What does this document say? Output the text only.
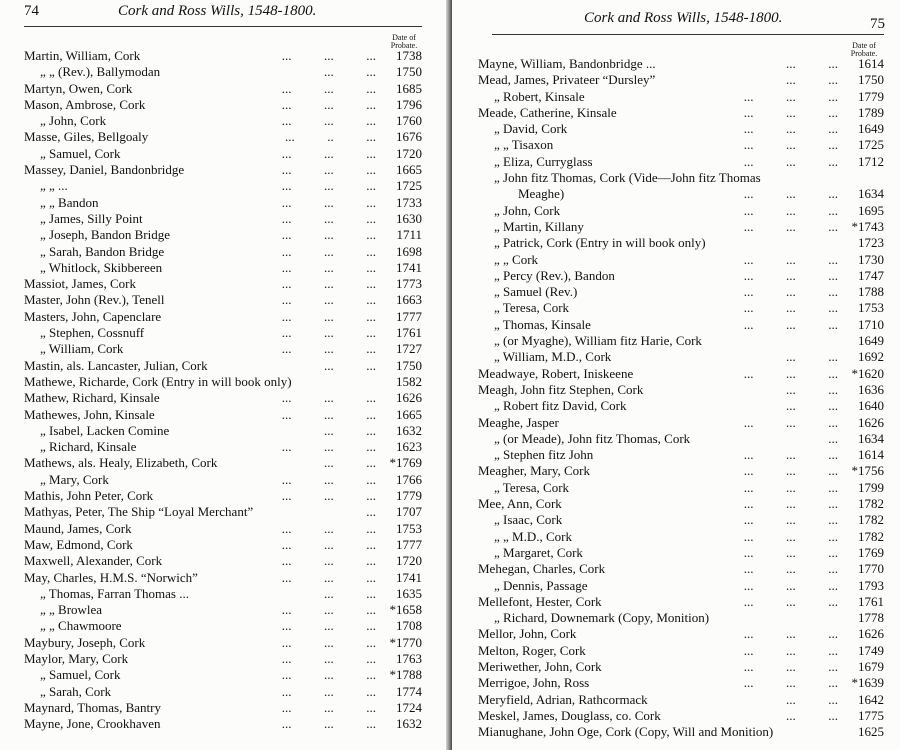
74	Cork and Ross Wills, 1548-1800.
Date of
Probate.
Martin, William, Cork	...          ...          ...	1738
„ „ (Rev.), Ballymodan	...          ...	1750
Martyn, Owen, Cork	...          ...          ...	1685
Mason, Ambrose, Cork	...          ...          ...	1796
„ John, Cork	...          ...          ...	1760
Masse, Giles, Bellgoaly	...          ..          ...	1676
„ Samuel, Cork	...          ...          ...	1720
Massey, Daniel, Bandonbridge	...          ...          ...	1665
„ „ ...	...          ...          ...	1725
„ „ Bandon	...          ...          ...	1733
„ James, Silly Point	...          ...          ...	1630
„ Joseph, Bandon Bridge	...          ...          ...	1711
„ Sarah, Bandon Bridge	...          ...          ...	1698
„ Whitlock, Skibbereen	...          ...          ...	1741
Massiot, James, Cork	...          ...          ...	1773
Master, John (Rev.), Tenell	...          ...          ...	1663
Masters, John, Capenclare	...          ...          ...	1777
„ Stephen, Cossnuff	...          ...          ...	1761
„ William, Cork	...          ...          ...	1727
Mastin, als. Lancaster, Julian, Cork	...          ...	1750
Mathewe, Richarde, Cork (Entry in will book only)	1582
Mathew, Richard, Kinsale	...          ...          ...	1626
Mathewes, John, Kinsale	...          ...          ...	1665
„ Isabel, Lacken Comine	...          ...	1632
„ Richard, Kinsale	...          ...          ...	1623
Mathews, als. Healy, Elizabeth, Cork	...          ...	*1769
„ Mary, Cork	...          ...          ...	1766
Mathis, John Peter, Cork	...          ...          ...	1779
Mathyas, Peter, The Ship “Loyal Merchant”	...	1707
Maund, James, Cork	...          ...          ...	1753
Maw, Edmond, Cork	...          ...          ...	1777
Maxwell, Alexander, Cork	...          ...          ...	1720
May, Charles, H.M.S. “Norwich”	...          ...          ...	1741
„ Thomas, Farran Thomas ...	...          ...	1635
„ „ Browlea	...          ...          ...	*1658
„ „ Chawmoore	...          ...          ...	1708
Maybury, Joseph, Cork	...          ...          ...	*1770
Maylor, Mary, Cork	...          ...          ...	1763
„ Samuel, Cork	...          ...          ...	*1788
„ Sarah, Cork	...          ...          ...	1774
Maynard, Thomas, Bantry	...          ...          ...	1724
Mayne, Jone, Crookhaven	...          ...          ...	1632
Cork and Ross Wills, 1548-1800.	75
Date of
Probate.
Mayne, William, Bandonbridge ...	...          ...	1614
Mead, James, Privateer “Dursley”	...          ...	1750
„ Robert, Kinsale	...          ...          ...	1779
Meade, Catherine, Kinsale	...          ...          ...	1789
„ David, Cork	...          ...          ...	1649
„ „ Tisaxon	...          ...          ...	1725
„ Eliza, Curryglass	...          ...          ...	1712
„ John fitz Thomas, Cork (Vide—John fitz Thomas
Meaghe)	...          ...          ...	1634
„ John, Cork	...          ...          ...	1695
„ Martin, Killany	...          ...          ...	*1743
„ Patrick, Cork (Entry in will book only)	1723
„ „ Cork	...          ...          ...	1730
„ Percy (Rev.), Bandon	...          ...          ...	1747
„ Samuel (Rev.)	...          ...          ...	1788
„ Teresa, Cork	...          ...          ...	1753
„ Thomas, Kinsale	...          ...          ...	1710
„ (or Myaghe), William fitz Harie, Cork	1649
„ William, M.D., Cork	...          ...	1692
Meadwaye, Robert, Iniskeene	...          ...          ...	*1620
Meagh, John fitz Stephen, Cork	...          ...	1636
„ Robert fitz David, Cork	...          ...	1640
Meaghe, Jasper	...          ...          ...	1626
„ (or Meade), John fitz Thomas, Cork	...	1634
„ Stephen fitz John	...          ...          ...	1614
Meagher, Mary, Cork	...          ...          ...	*1756
„ Teresa, Cork	...          ...          ...	1799
Mee, Ann, Cork	...          ...          ...	1782
„ Isaac, Cork	...          ...          ...	1782
„ „ M.D., Cork	...          ...          ...	1782
„ Margaret, Cork	...          ...          ...	1769
Mehegan, Charles, Cork	...          ...          ...	1770
„ Dennis, Passage	...          ...          ...	1793
Mellefont, Hester, Cork	...          ...          ...	1761
„ Richard, Downemark (Copy, Monition)	1778
Mellor, John, Cork	...          ...          ...	1626
Melton, Roger, Cork	...          ...          ...	1749
Meriwether, John, Cork	...          ...          ...	1679
Merrigoe, John, Ross	...          ...          ...	*1639
Meryfield, Adrian, Rathcormack	...          ...	1642
Meskel, James, Douglass, co. Cork	...          ...	1775
Mianughane, John Oge, Cork (Copy, Will and Monition)	1625
